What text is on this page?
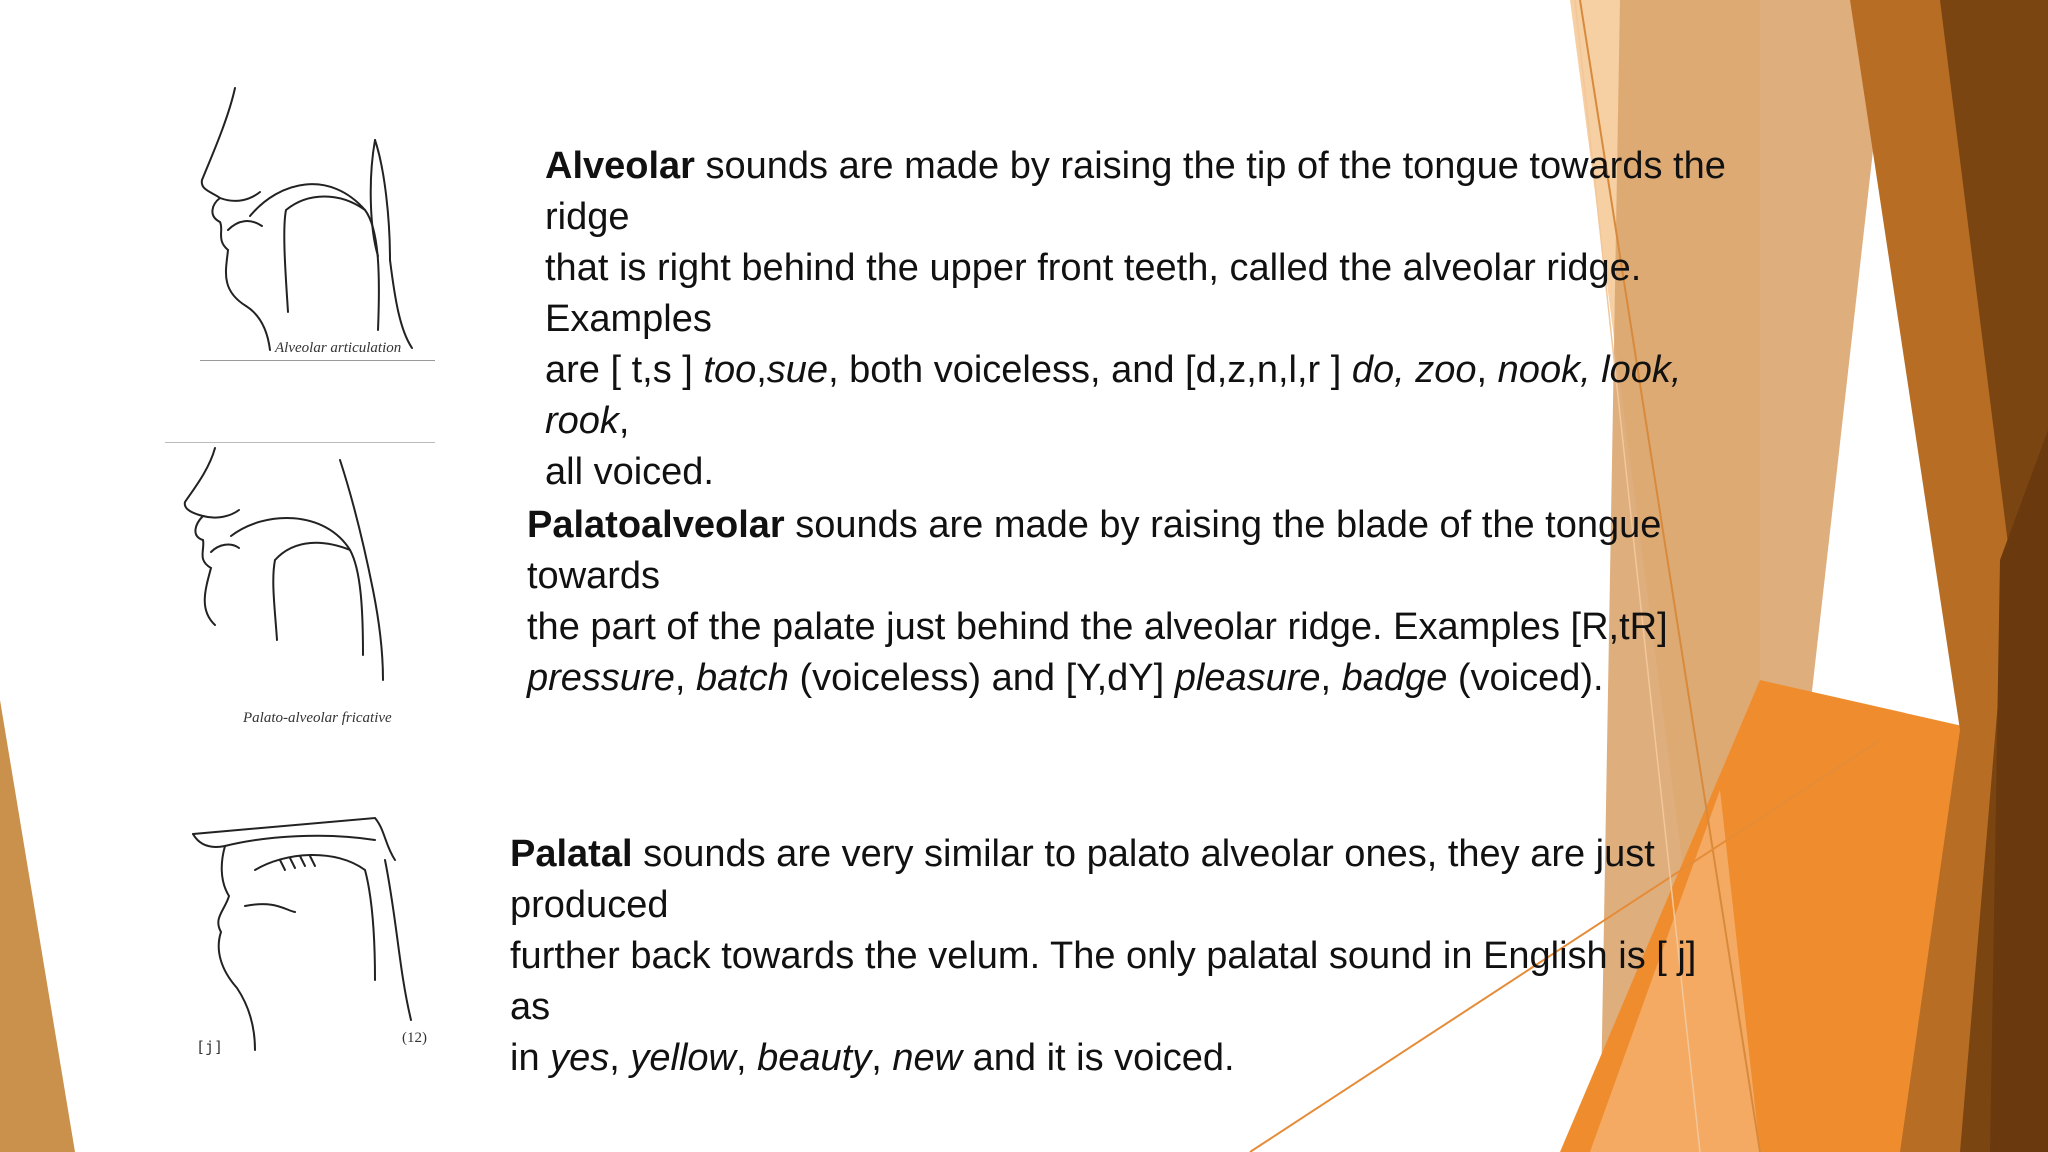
Alveolar articulation
Palato-alveolar fricative
[j]	(12)
Alveolar sounds are made by raising the tip of the tongue towards the
ridge
that is right behind the upper front teeth, called the alveolar ridge.
Examples
are [ t,s ] too,sue, both voiceless, and [d,z,n,l,r ] do, zoo, nook, look,
rook,
all voiced.
Palatoalveolar sounds are made by raising the blade of the tongue
towards
the part of the palate just behind the alveolar ridge. Examples [R,tR]
pressure, batch (voiceless) and [Y,dY] pleasure, badge (voiced).
Palatal sounds are very similar to palato alveolar ones, they are just
produced
further back towards the velum. The only palatal sound in English is [ j]
as
in yes, yellow, beauty, new and it is voiced.
